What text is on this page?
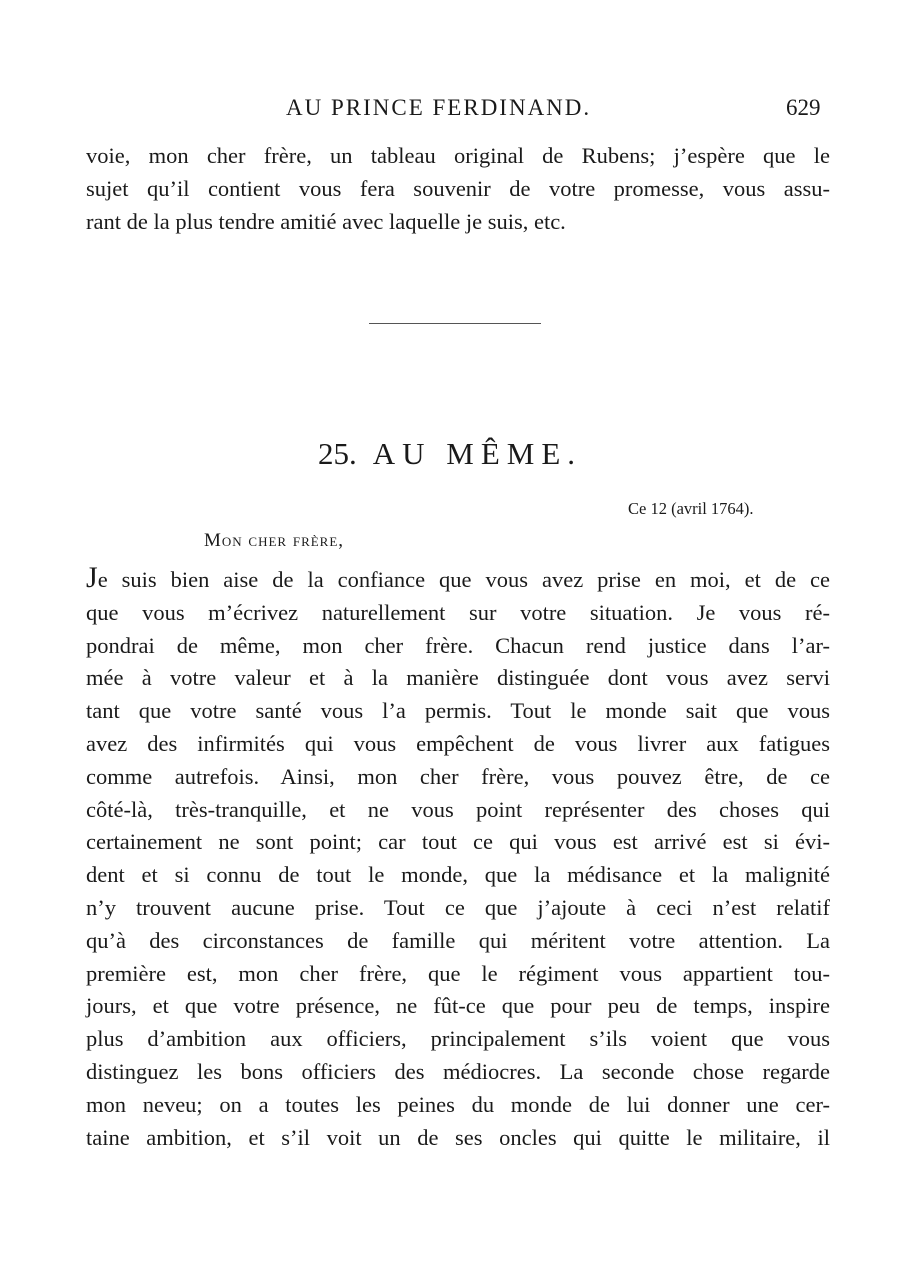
AU PRINCE FERDINAND.	629
voie, mon cher frère, un tableau original de Rubens; j’espère que le
sujet qu’il contient vous fera souvenir de votre promesse, vous assu-
rant de la plus tendre amitié avec laquelle je suis, etc.
25. AU MÊME.
Ce 12 (avril 1764).
Mon cher frère,
Je suis bien aise de la confiance que vous avez prise en moi, et de ce
que vous m’écrivez naturellement sur votre situation. Je vous ré-
pondrai de même, mon cher frère. Chacun rend justice dans l’ar-
mée à votre valeur et à la manière distinguée dont vous avez servi
tant que votre santé vous l’a permis. Tout le monde sait que vous
avez des infirmités qui vous empêchent de vous livrer aux fatigues
comme autrefois. Ainsi, mon cher frère, vous pouvez être, de ce
côté-là, très-tranquille, et ne vous point représenter des choses qui
certainement ne sont point; car tout ce qui vous est arrivé est si évi-
dent et si connu de tout le monde, que la médisance et la malignité
n’y trouvent aucune prise. Tout ce que j’ajoute à ceci n’est relatif
qu’à des circonstances de famille qui méritent votre attention. La
première est, mon cher frère, que le régiment vous appartient tou-
jours, et que votre présence, ne fût-ce que pour peu de temps, inspire
plus d’ambition aux officiers, principalement s’ils voient que vous
distinguez les bons officiers des médiocres. La seconde chose regarde
mon neveu; on a toutes les peines du monde de lui donner une cer-
taine ambition, et s’il voit un de ses oncles qui quitte le militaire, il
